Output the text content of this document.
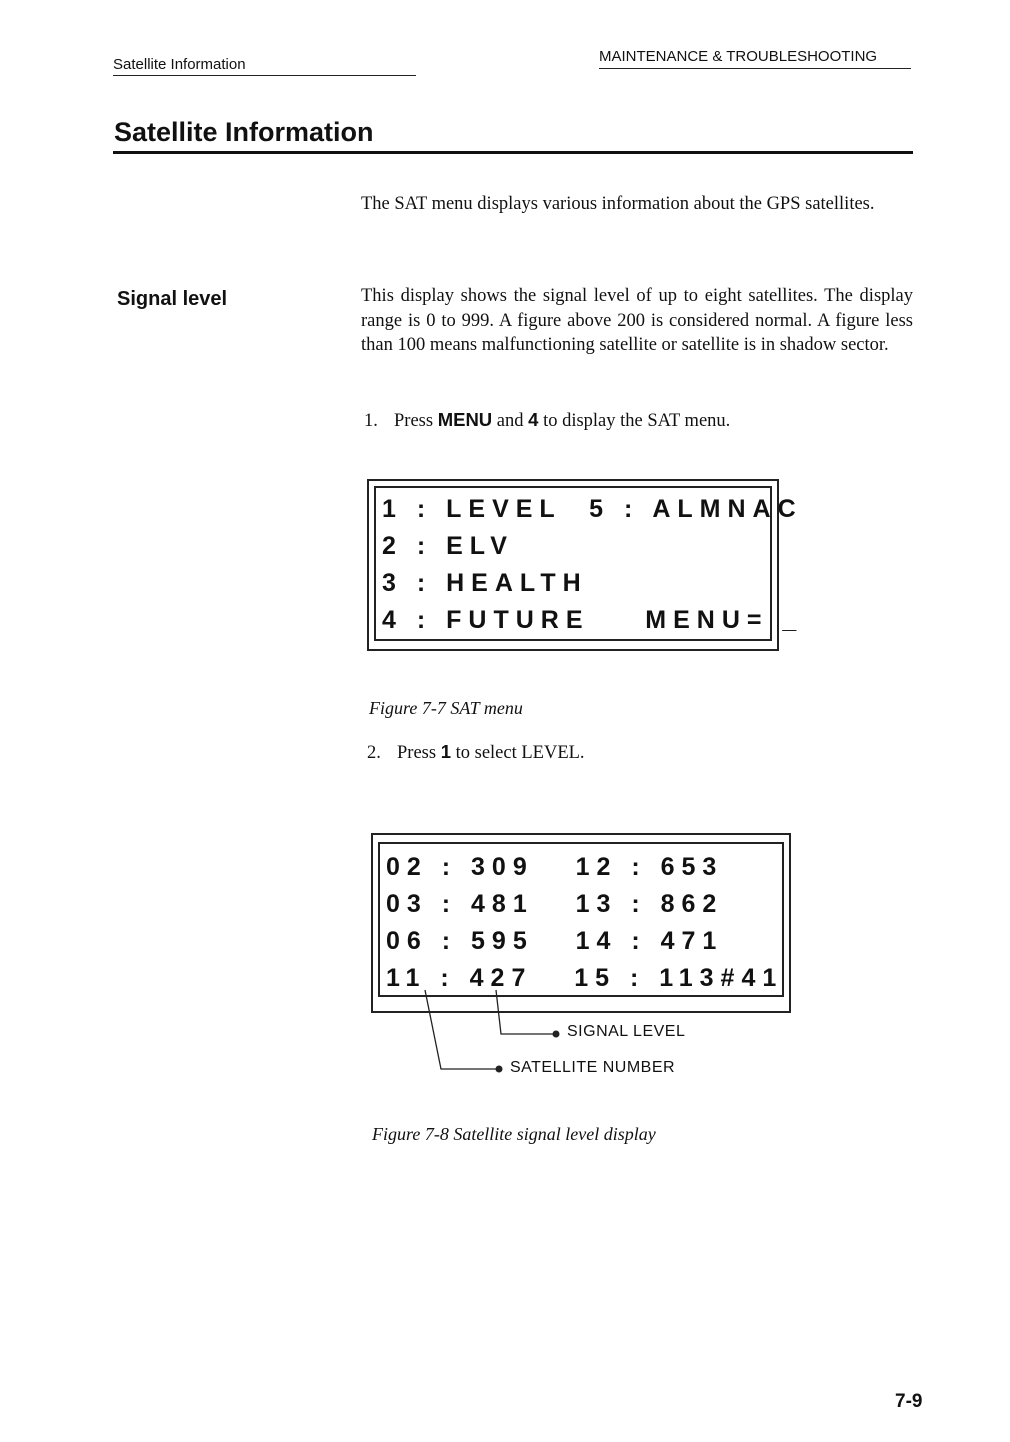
Satellite Information	MAINTENANCE & TROUBLESHOOTING
Satellite Information
The SAT menu displays various information about the GPS satellites.
Signal level	This display shows the signal level of up to eight satellites. The display range is 0 to 999. A figure above 200 is considered normal. A figure less than 100 means malfunctioning satellite or satellite is in shadow sector.
1. Press MENU and 4 to display the SAT menu.

1 : LEVEL  5 : ALMNAC

2 : ELV

3 : HEALTH

4 : FUTURE    MENU= _

Figure 7-7 SAT menu
2. Press 1 to select LEVEL.

02 : 309   12 : 653

03 : 481   13 : 862

06 : 595   14 : 471

11 : 427   15 : 113#41

SIGNAL LEVEL
SATELLITE NUMBER
Figure 7-8 Satellite signal level display
7-9
